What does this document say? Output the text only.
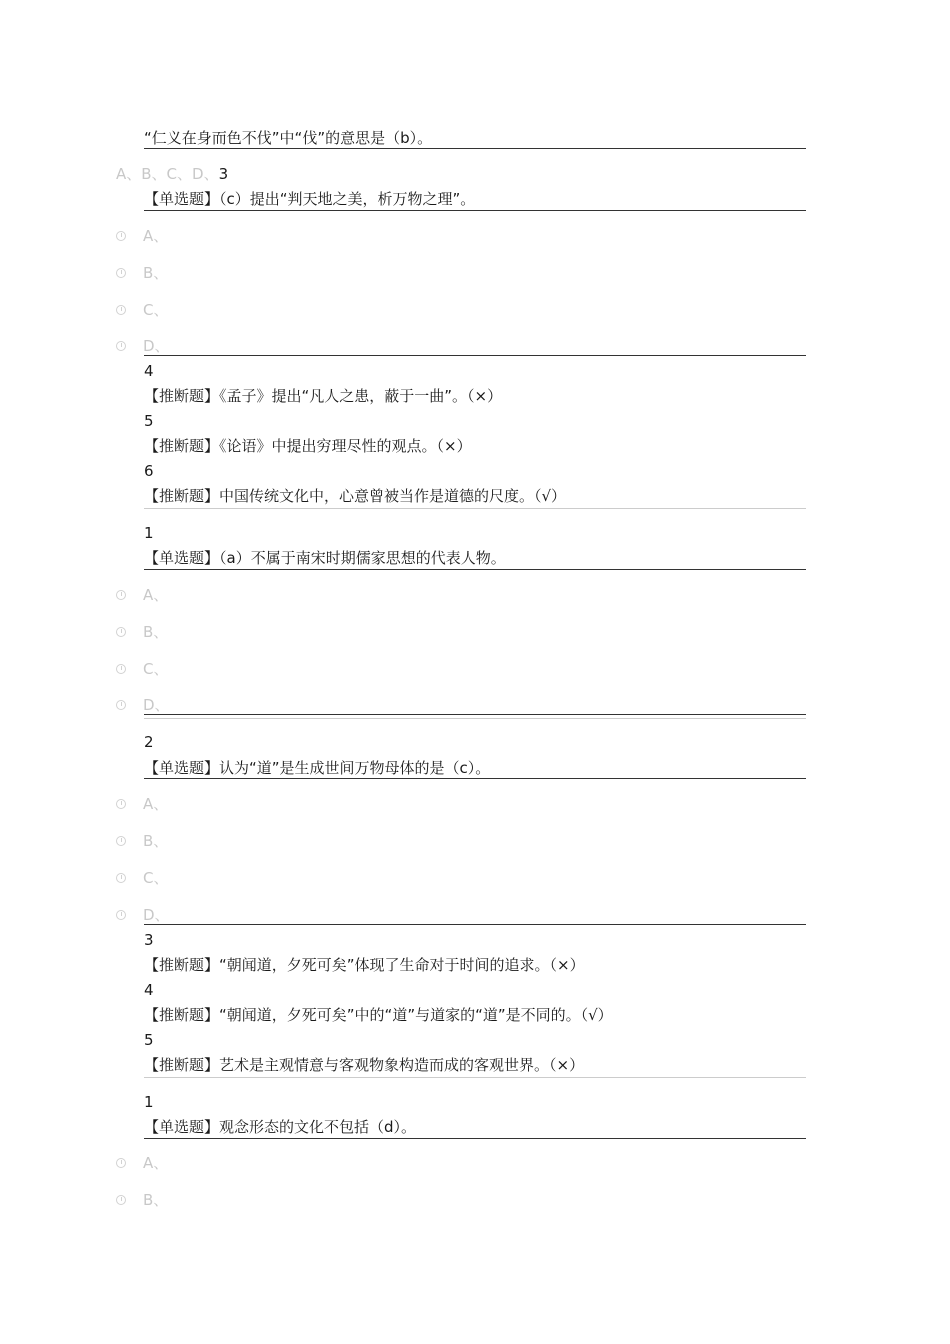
“仁义在身而色不伐”中“伐”的意思是（b）。
A、B、C、D、3
【单选题】（c）提出“判天地之美，析万物之理”。
A、
B、
C、
D、
4
【推断题】《孟子》提出“凡人之患，蔽于一曲”。（×）
5
【推断题】《论语》中提出穷理尽性的观点。（×）
6
【推断题】中国传统文化中，心意曾被当作是道德的尺度。（√）
1
【单选题】（a）不属于南宋时期儒家思想的代表人物。
A、
B、
C、
D、
2
【单选题】认为“道”是生成世间万物母体的是（c）。
A、
B、
C、
D、
3
【推断题】“朝闻道，夕死可矣”体现了生命对于时间的追求。（×）
4
【推断题】“朝闻道，夕死可矣”中的“道”与道家的“道”是不同的。（√）
5
【推断题】艺术是主观情意与客观物象构造而成的客观世界。（×）
1
【单选题】观念形态的文化不包括（d）。
A、
B、
